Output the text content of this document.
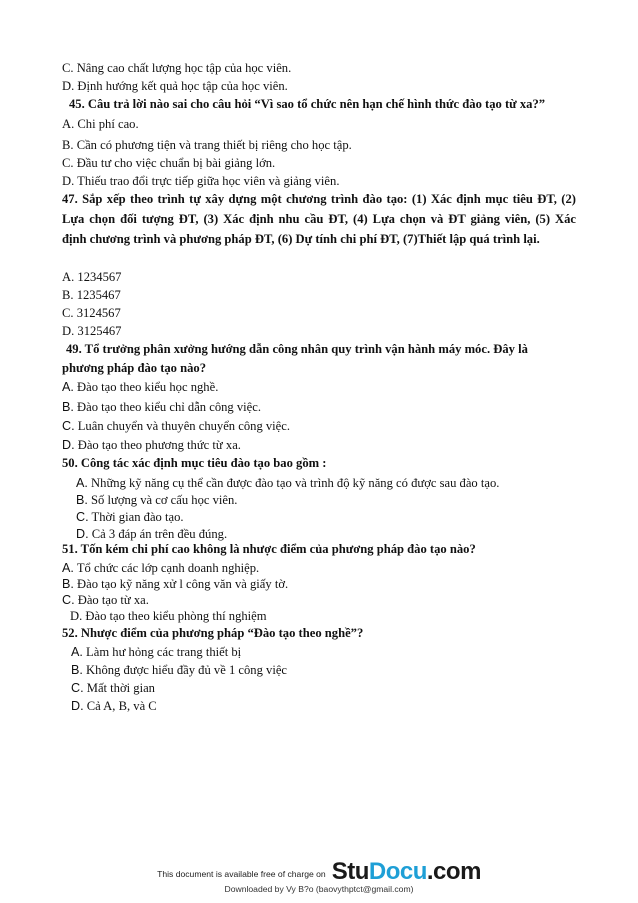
C. Nâng cao chất lượng học tập của học viên.
D. Định hướng kết quả học tập của học viên.
45. Câu trả lời nào sai cho câu hỏi “Vì sao tổ chức nên hạn chế hình thức đào tạo từ xa?”
A. Chi phí cao.
B. Cần có phương tiện và trang thiết bị riêng cho học tập.
C. Đầu tư cho việc chuẩn bị bài giảng lớn.
D. Thiếu trao đổi trực tiếp giữa học viên và giảng viên.
47. Sắp xếp theo trình tự xây dựng một chương trình đào tạo: (1) Xác định mục tiêu ĐT, (2)
Lựa chọn đối tượng ĐT, (3) Xác định nhu cầu ĐT, (4) Lựa chọn và ĐT giảng viên, (5) Xác
định chương trình và phương pháp ĐT, (6) Dự tính chi phí ĐT, (7)Thiết lập quá trình lại.
A. 1234567
B. 1235467
C. 3124567
D. 3125467
49. Tổ trưởng phân xưởng hướng dẫn công nhân quy trình vận hành máy móc. Đây là
phương pháp đào tạo nào?
A. Đào tạo theo kiểu học nghề.
B. Đào tạo theo kiểu chỉ dẫn công việc.
C. Luân chuyển và thuyên chuyển công việc.
D. Đào tạo theo phương thức từ xa.
50. Công tác xác định mục tiêu đào tạo bao gồm :
A. Những kỹ năng cụ thể cần được đào tạo và trình độ kỹ năng có được sau đào tạo.
B. Số lượng và cơ cấu học viên.
C. Thời gian đào tạo.
D. Cả 3 đáp án trên đều đúng.
51. Tốn kém chi phí cao không là nhược điểm của phương pháp đào tạo nào?
A. Tổ chức các lớp cạnh doanh nghiệp.
B. Đào tạo kỹ năng xử l công văn và giấy tờ.
C. Đào tạo từ xa.
D. Đào tạo theo kiểu phòng thí nghiệm
52. Nhược điểm của phương pháp “Đào tạo theo nghề”?
A. Làm hư hỏng các trang thiết bị
B. Không được hiểu đầy đủ về 1 công việc
C. Mất thời gian
D. Cả A, B, và C
This document is available free of charge on StuDocu.com
Downloaded by Vy B?o (baovythptct@gmail.com)
